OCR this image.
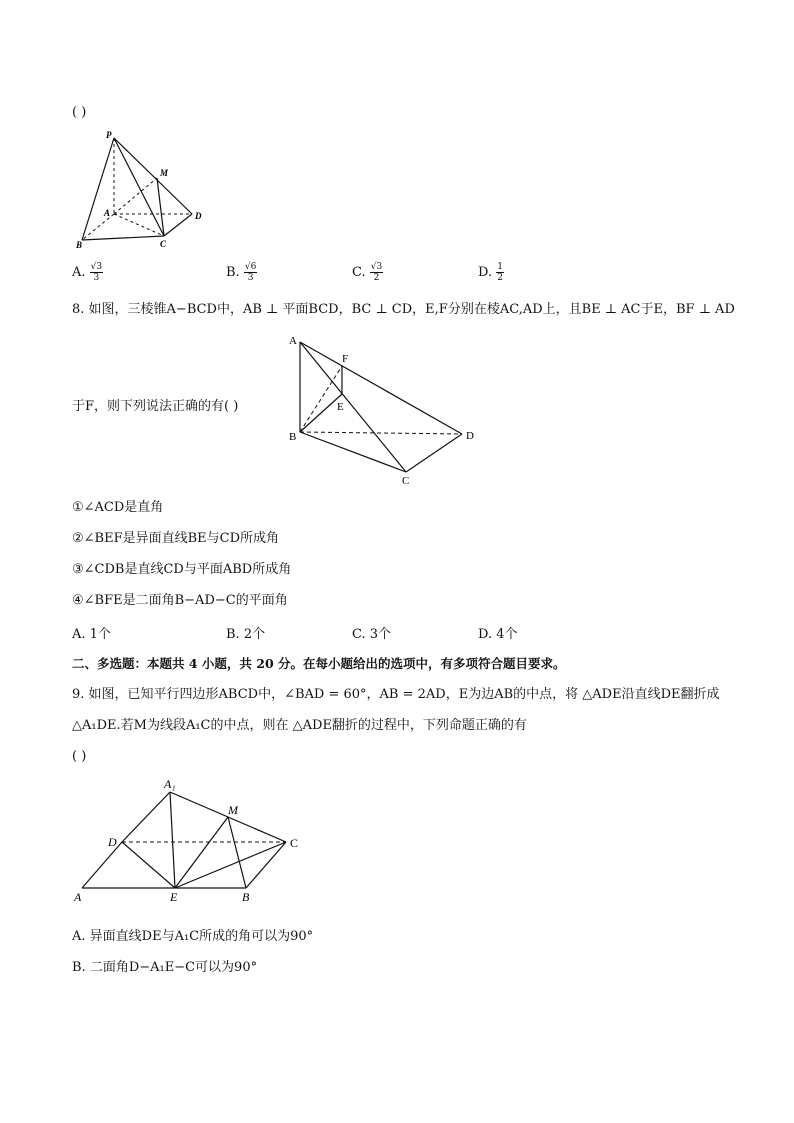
( )
P
M
A	D
B	C
A. $\frac{√3}{3}$	B. $\frac{√6}{3}$	C. $\frac{√3}{2}$	D. $\frac{1}{2}$
8. 如图，三棱锥A−BCD中，AB ⊥ 平面BCD，BC ⊥ CD，E,F分别在棱AC,AD上，且BE ⊥ AC于E，BF ⊥ AD
于F，则下列说法正确的有( )
A
F
E
B	D
C
①∠ACD是直角
②∠BEF是异面直线BE与CD所成角
③∠CDB是直线CD与平面ABD所成角
④∠BFE是二面角B−AD−C的平面角
A. 1个	B. 2个	C. 3个	D. 4个
二、多选题：本题共 4 小题，共 20 分。在每小题给出的选项中，有多项符合题目要求。
9. 如图，已知平行四边形ABCD中，∠BAD = 60°，AB = 2AD，E为边AB的中点，将 △ADE沿直线DE翻折成
△A₁DE.若M为线段A₁C的中点，则在 △ADE翻折的过程中，下列命题正确的有
( )
A₁
M
D	C
A	E	B
A. 异面直线DE与A₁C所成的角可以为90°
B. 二面角D−A₁E−C可以为90°
